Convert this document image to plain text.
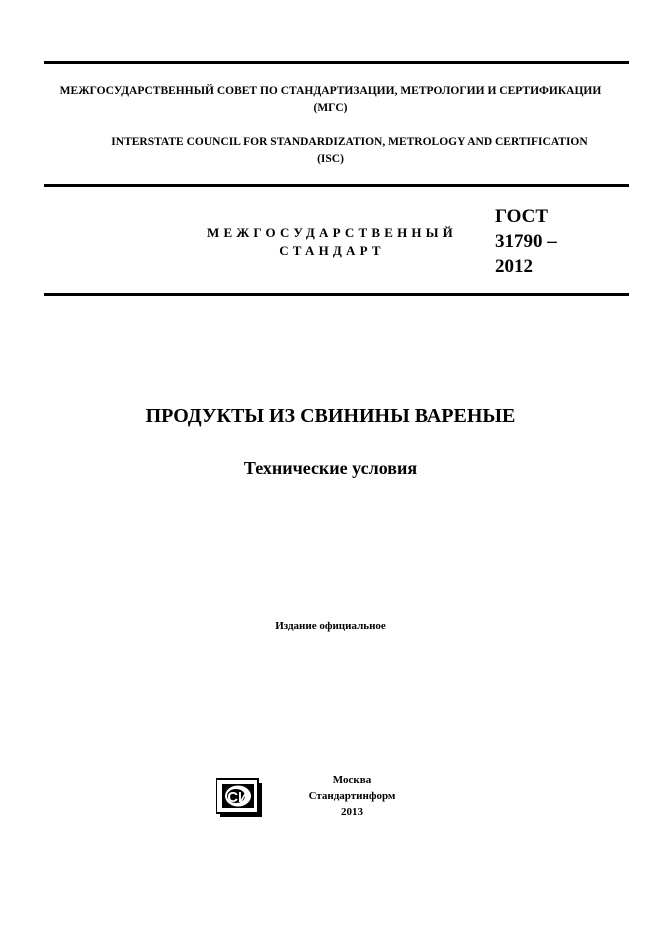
МЕЖГОСУДАРСТВЕННЫЙ СОВЕТ ПО СТАНДАРТИЗАЦИИ, МЕТРОЛОГИИ И СЕРТИФИКАЦИИ
(МГС)
INTERSTATE COUNCIL FOR STANDARDIZATION, METROLOGY AND CERTIFICATION
(ISC)
МЕЖГОСУДАРСТВЕННЫЙ
СТАНДАРТ
ГОСТ
31790 –
2012
ПРОДУКТЫ ИЗ СВИНИНЫ ВАРЕНЫЕ
Технические условия
Издание официальное
СИ
Москва
Стандартинформ
2013
